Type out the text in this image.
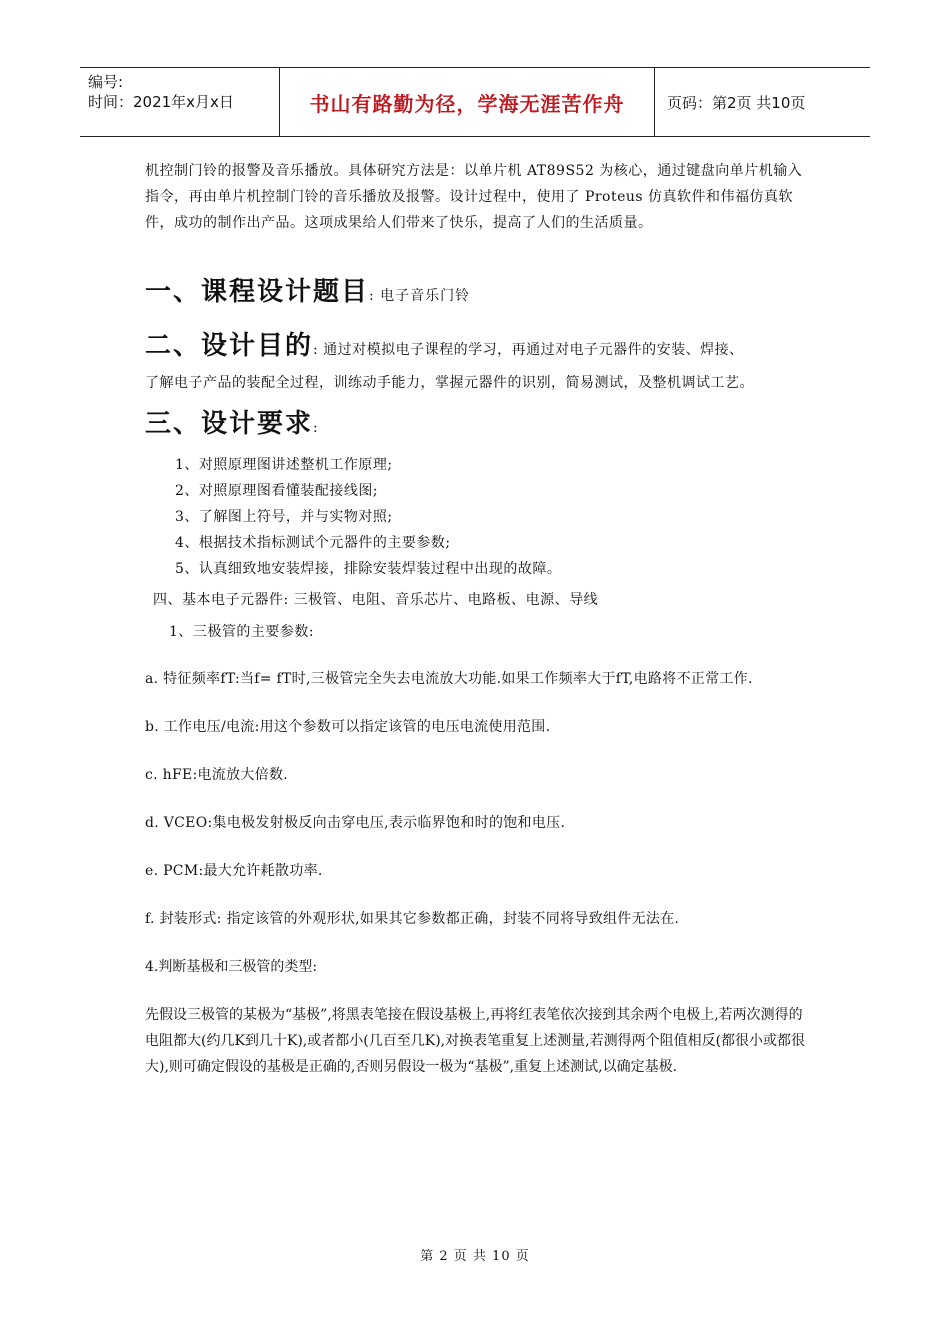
编号:
时间：2021年x月x日	书山有路勤为径，学海无涯苦作舟	页码：第2页 共10页

机控制门铃的报警及音乐播放。具体研究方法是：以单片机 AT89S52 为核心，通过键盘向单片机输入指令，再由单片机控制门铃的音乐播放及报警。设计过程中，使用了 Proteus 仿真软件和伟福仿真软件，成功的制作出产品。这项成果给人们带来了快乐，提高了人们的生活质量。

一、课程设计题目: 电子音乐门铃
二、设计目的: 通过对模拟电子课程的学习，再通过对电子元器件的安装、焊接、

了解电子产品的装配全过程，训练动手能力，掌握元器件的识别，简易测试，及整机调试工艺。

三、设计要求:
1、对照原理图讲述整机工作原理;
2、对照原理图看懂装配接线图;
3、了解图上符号，并与实物对照;
4、根据技术指标测试个元器件的主要参数;
5、认真细致地安装焊接，排除安装焊装过程中出现的故障。
四、基本电子元器件: 三极管、电阻、音乐芯片、电路板、电源、导线
1、三极管的主要参数:

a. 特征频率fT:当f= fT时,三极管完全失去电流放大功能.如果工作频率大于fT,电路将不正常工作.

b. 工作电压/电流:用这个参数可以指定该管的电压电流使用范围.

c. hFE:电流放大倍数.

d. VCEO:集电极发射极反向击穿电压,表示临界饱和时的饱和电压.

e. PCM:最大允许耗散功率.

f. 封装形式: 指定该管的外观形状,如果其它参数都正确，封装不同将导致组件无法在.

4.判断基极和三极管的类型:

先假设三极管的某极为“基极”,将黑表笔接在假设基极上,再将红表笔依次接到其余两个电极上,若两次测得的电阻都大(约几K到几十K),或者都小(几百至几K),对换表笔重复上述测量,若测得两个阻值相反(都很小或都很大),则可确定假设的基极是正确的,否则另假设一极为“基极”,重复上述测试,以确定基极.

第 2 页 共 10 页
